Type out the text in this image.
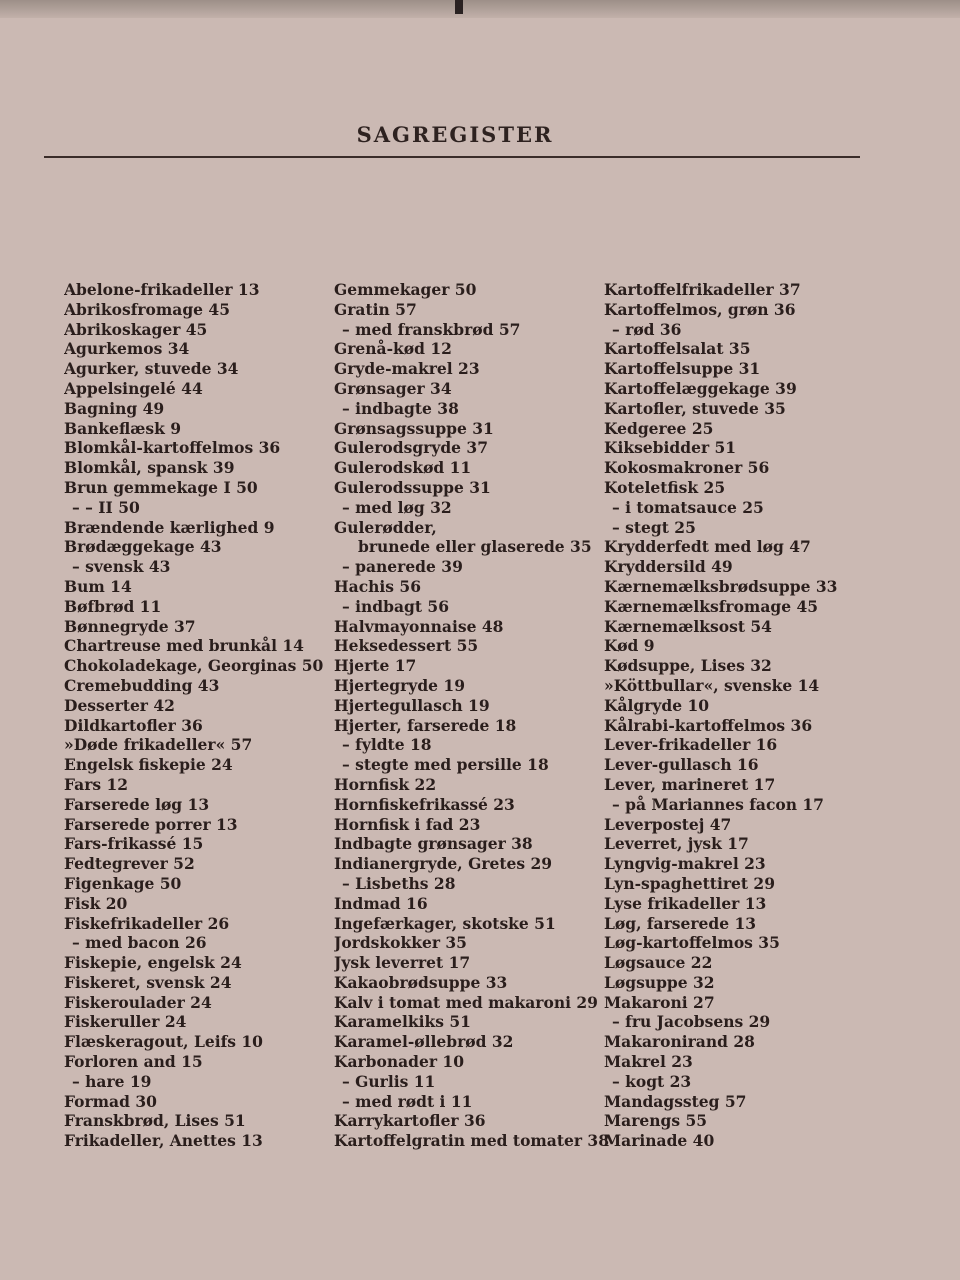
SAGREGISTER
Abelone-frikadeller 13
Abrikosfromage 45
Abrikoskager 45
Agurkemos 34
Agurker, stuvede 34
Appelsingelé 44
Bagning 49
Bankeflæsk 9
Blomkål-kartoffelmos 36
Blomkål, spansk 39
Brun gemmekage I 50
– – II 50
Brændende kærlighed 9
Brødæggekage 43
– svensk 43
Bum 14
Bøfbrød 11
Bønnegryde 37
Chartreuse med brunkål 14
Chokoladekage, Georginas 50
Cremebudding 43
Desserter 42
Dildkartofler 36
»Døde frikadeller« 57
Engelsk fiskepie 24
Fars 12
Farserede løg 13
Farserede porrer 13
Fars-frikassé 15
Fedtegrever 52
Figenkage 50
Fisk 20
Fiskefrikadeller 26
– med bacon 26
Fiskepie, engelsk 24
Fiskeret, svensk 24
Fiskeroulader 24
Fiskeruller 24
Flæskeragout, Leifs 10
Forloren and 15
– hare 19
Formad 30
Franskbrød, Lises 51
Frikadeller, Anettes 13
Gemmekager 50
Gratin 57
– med franskbrød 57
Grenå-kød 12
Gryde-makrel 23
Grønsager 34
– indbagte 38
Grønsagssuppe 31
Gulerodsgryde 37
Gulerodskød 11
Gulerodssuppe 31
– med løg 32
Gulerødder,
brunede eller glaserede 35
– panerede 39
Hachis 56
– indbagt 56
Halvmayonnaise 48
Heksedessert 55
Hjerte 17
Hjertegryde 19
Hjertegullasch 19
Hjerter, farserede 18
– fyldte 18
– stegte med persille 18
Hornfisk 22
Hornfiskefrikassé 23
Hornfisk i fad 23
Indbagte grønsager 38
Indianergryde, Gretes 29
– Lisbeths 28
Indmad 16
Ingefærkager, skotske 51
Jordskokker 35
Jysk leverret 17
Kakaobrødsuppe 33
Kalv i tomat med makaroni 29
Karamelkiks 51
Karamel-øllebrød 32
Karbonader 10
– Gurlis 11
– med rødt i 11
Karrykartofler 36
Kartoffelgratin med tomater 38
Kartoffelfrikadeller 37
Kartoffelmos, grøn 36
– rød 36
Kartoffelsalat 35
Kartoffelsuppe 31
Kartoffelæggekage 39
Kartofler, stuvede 35
Kedgeree 25
Kiksebidder 51
Kokosmakroner 56
Koteletfisk 25
– i tomatsauce 25
– stegt 25
Krydderfedt med løg 47
Kryddersild 49
Kærnemælksbrødsuppe 33
Kærnemælksfromage 45
Kærnemælksost 54
Kød 9
Kødsuppe, Lises 32
»Köttbullar«, svenske 14
Kålgryde 10
Kålrabi-kartoffelmos 36
Lever-frikadeller 16
Lever-gullasch 16
Lever, marineret 17
– på Mariannes facon 17
Leverpostej 47
Leverret, jysk 17
Lyngvig-makrel 23
Lyn-spaghettiret 29
Lyse frikadeller 13
Løg, farserede 13
Løg-kartoffelmos 35
Løgsauce 22
Løgsuppe 32
Makaroni 27
– fru Jacobsens 29
Makaronirand 28
Makrel 23
– kogt 23
Mandagssteg 57
Marengs 55
Marinade 40
